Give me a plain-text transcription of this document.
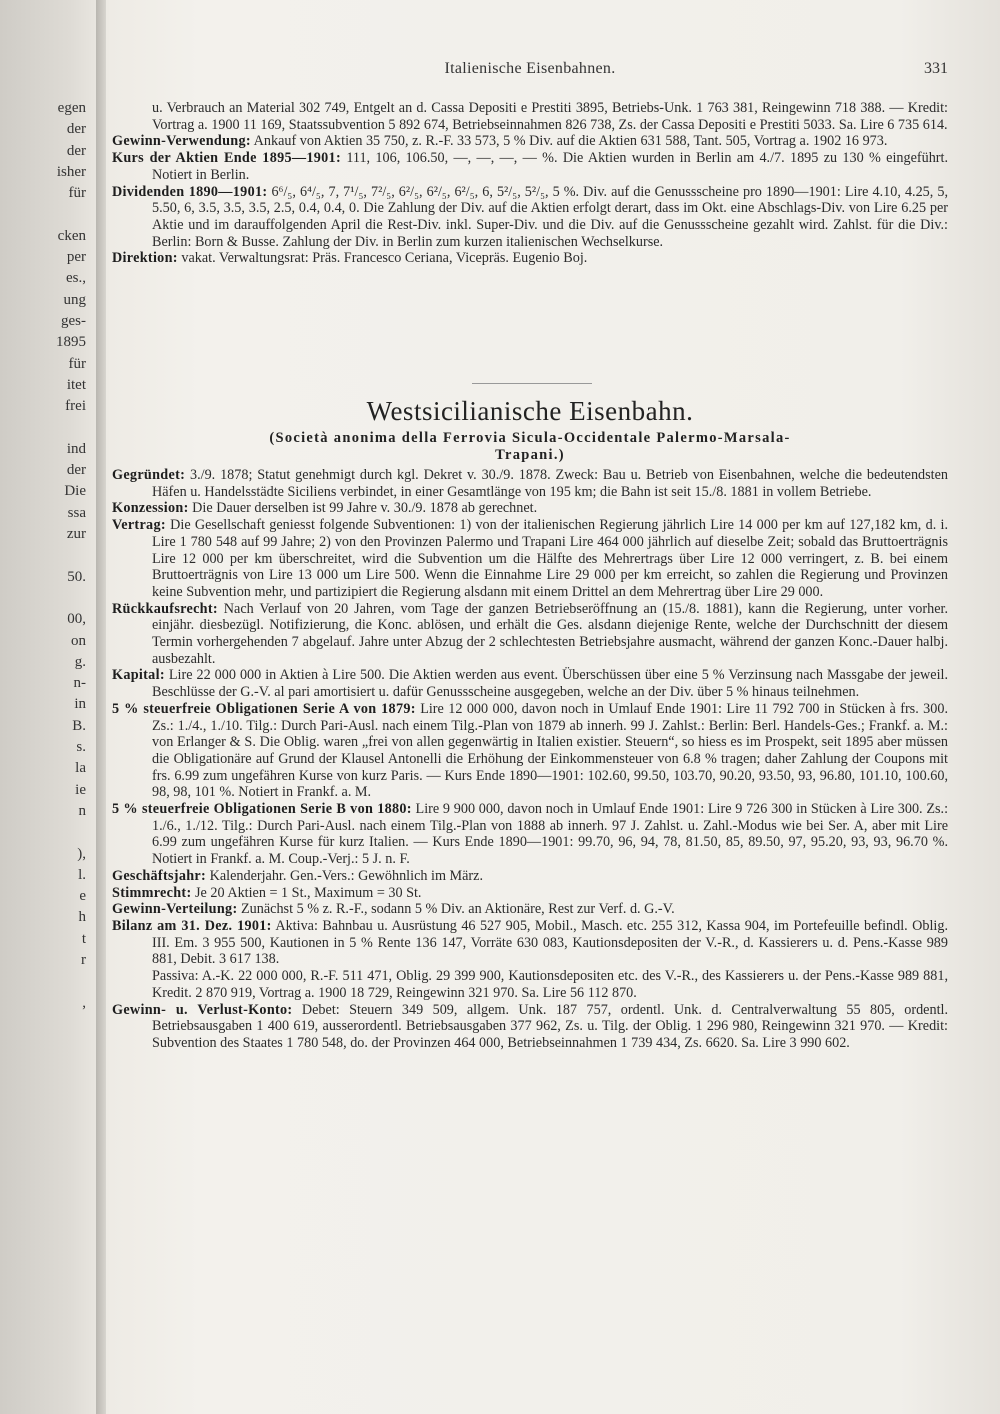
egen
der
der
isher
für
cken
per
es.,
ung
ges-
1895
für
itet
frei
ind
der
Die
ssa
zur
50.
00,
on
g.
n-
in
B.
s.
la
ie
n
),
l.
e
h
t
r
,
Italienische Eisenbahnen.	331

u. Verbrauch an Material 302 749, Entgelt an d. Cassa Depositi e Prestiti 3895, Betriebs-Unk. 1 763 381, Reingewinn 718 388. — Kredit: Vortrag a. 1900 11 169, Staatssubvention 5 892 674, Betriebseinnahmen 826 738, Zs. der Cassa Depositi e Prestiti 5033. Sa. Lire 6 735 614.

Gewinn-Verwendung: Ankauf von Aktien 35 750, z. R.-F. 33 573, 5 % Div. auf die Aktien 631 588, Tant. 505, Vortrag a. 1902 16 973.

Kurs der Aktien Ende 1895—1901: 111, 106, 106.50, —, —, —, — %. Die Aktien wurden in Berlin am 4./7. 1895 zu 130 % eingeführt. Notiert in Berlin.

Dividenden 1890—1901: 6⁶/₅, 6⁴/₅, 7, 7¹/₅, 7²/₅, 6²/₅, 6²/₅, 6²/₅, 6, 5²/₅, 5²/₅, 5 %. Div. auf die Genussscheine pro 1890—1901: Lire 4.10, 4.25, 5, 5.50, 6, 3.5, 3.5, 3.5, 2.5, 0.4, 0.4, 0. Die Zahlung der Div. auf die Aktien erfolgt derart, dass im Okt. eine Abschlags-Div. von Lire 6.25 per Aktie und im darauffolgenden April die Rest-Div. inkl. Super-Div. und die Div. auf die Genussscheine gezahlt wird. Zahlst. für die Div.: Berlin: Born & Busse. Zahlung der Div. in Berlin zum kurzen italienischen Wechselkurse.

Direktion: vakat. Verwaltungsrat: Präs. Francesco Ceriana, Vicepräs. Eugenio Boj.

Westsicilianische Eisenbahn.
(Società anonima della Ferrovia Sicula-Occidentale Palermo-Marsala-
Trapani.)

Gegründet: 3./9. 1878; Statut genehmigt durch kgl. Dekret v. 30./9. 1878. Zweck: Bau u. Betrieb von Eisenbahnen, welche die bedeutendsten Häfen u. Handelsstädte Siciliens verbindet, in einer Gesamtlänge von 195 km; die Bahn ist seit 15./8. 1881 in vollem Betriebe.

Konzession: Die Dauer derselben ist 99 Jahre v. 30./9. 1878 ab gerechnet.

Vertrag: Die Gesellschaft geniesst folgende Subventionen: 1) von der italienischen Regierung jährlich Lire 14 000 per km auf 127,182 km, d. i. Lire 1 780 548 auf 99 Jahre; 2) von den Provinzen Palermo und Trapani Lire 464 000 jährlich auf dieselbe Zeit; sobald das Bruttoerträgnis Lire 12 000 per km überschreitet, wird die Subvention um die Hälfte des Mehrertrags über Lire 12 000 verringert, z. B. bei einem Bruttoerträgnis von Lire 13 000 um Lire 500. Wenn die Einnahme Lire 29 000 per km erreicht, so zahlen die Regierung und Provinzen keine Subvention mehr, und partizipiert die Regierung alsdann mit einem Drittel an dem Mehrertrag über Lire 29 000.

Rückkaufsrecht: Nach Verlauf von 20 Jahren, vom Tage der ganzen Betriebseröffnung an (15./8. 1881), kann die Regierung, unter vorher. einjähr. diesbezügl. Notifizierung, die Konc. ablösen, und erhält die Ges. alsdann diejenige Rente, welche der Durchschnitt der diesem Termin vorhergehenden 7 abgelauf. Jahre unter Abzug der 2 schlechtesten Betriebsjahre ausmacht, während der ganzen Konc.-Dauer halbj. ausbezahlt.

Kapital: Lire 22 000 000 in Aktien à Lire 500. Die Aktien werden aus event. Überschüssen über eine 5 % Verzinsung nach Massgabe der jeweil. Beschlüsse der G.-V. al pari amortisiert u. dafür Genussscheine ausgegeben, welche an der Div. über 5 % hinaus teilnehmen.

5 % steuerfreie Obligationen Serie A von 1879: Lire 12 000 000, davon noch in Umlauf Ende 1901: Lire 11 792 700 in Stücken à frs. 300. Zs.: 1./4., 1./10. Tilg.: Durch Pari-Ausl. nach einem Tilg.-Plan von 1879 ab innerh. 99 J. Zahlst.: Berlin: Berl. Handels-Ges.; Frankf. a. M.: von Erlanger & S. Die Oblig. waren „frei von allen gegenwärtig in Italien existier. Steuern“, so hiess es im Prospekt, seit 1895 aber müssen die Obligationäre auf Grund der Klausel Antonelli die Erhöhung der Einkommensteuer von 6.8 % tragen; daher Zahlung der Coupons mit frs. 6.99 zum ungefähren Kurse von kurz Paris. — Kurs Ende 1890—1901: 102.60, 99.50, 103.70, 90.20, 93.50, 93, 96.80, 101.10, 100.60, 98, 98, 101 %. Notiert in Frankf. a. M.

5 % steuerfreie Obligationen Serie B von 1880: Lire 9 900 000, davon noch in Umlauf Ende 1901: Lire 9 726 300 in Stücken à Lire 300. Zs.: 1./6., 1./12. Tilg.: Durch Pari-Ausl. nach einem Tilg.-Plan von 1888 ab innerh. 97 J. Zahlst. u. Zahl.-Modus wie bei Ser. A, aber mit Lire 6.99 zum ungefähren Kurse für kurz Italien. — Kurs Ende 1890—1901: 99.70, 96, 94, 78, 81.50, 85, 89.50, 97, 95.20, 93, 93, 96.70 %. Notiert in Frankf. a. M. Coup.-Verj.: 5 J. n. F.

Geschäftsjahr: Kalenderjahr. Gen.-Vers.: Gewöhnlich im März.

Stimmrecht: Je 20 Aktien = 1 St., Maximum = 30 St.

Gewinn-Verteilung: Zunächst 5 % z. R.-F., sodann 5 % Div. an Aktionäre, Rest zur Verf. d. G.-V.

Bilanz am 31. Dez. 1901: Aktiva: Bahnbau u. Ausrüstung 46 527 905, Mobil., Masch. etc. 255 312, Kassa 904, im Portefeuille befindl. Oblig. III. Em. 3 955 500, Kautionen in 5 % Rente 136 147, Vorräte 630 083, Kautionsdepositen der V.-R., d. Kassierers u. d. Pens.-Kasse 989 881, Debit. 3 617 138.

Passiva: A.-K. 22 000 000, R.-F. 511 471, Oblig. 29 399 900, Kautionsdepositen etc. des V.-R., des Kassierers u. der Pens.-Kasse 989 881, Kredit. 2 870 919, Vortrag a. 1900 18 729, Reingewinn 321 970. Sa. Lire 56 112 870.

Gewinn- u. Verlust-Konto: Debet: Steuern 349 509, allgem. Unk. 187 757, ordentl. Unk. d. Centralverwaltung 55 805, ordentl. Betriebsausgaben 1 400 619, ausserordentl. Betriebsausgaben 377 962, Zs. u. Tilg. der Oblig. 1 296 980, Reingewinn 321 970. — Kredit: Subvention des Staates 1 780 548, do. der Provinzen 464 000, Betriebseinnahmen 1 739 434, Zs. 6620. Sa. Lire 3 990 602.
